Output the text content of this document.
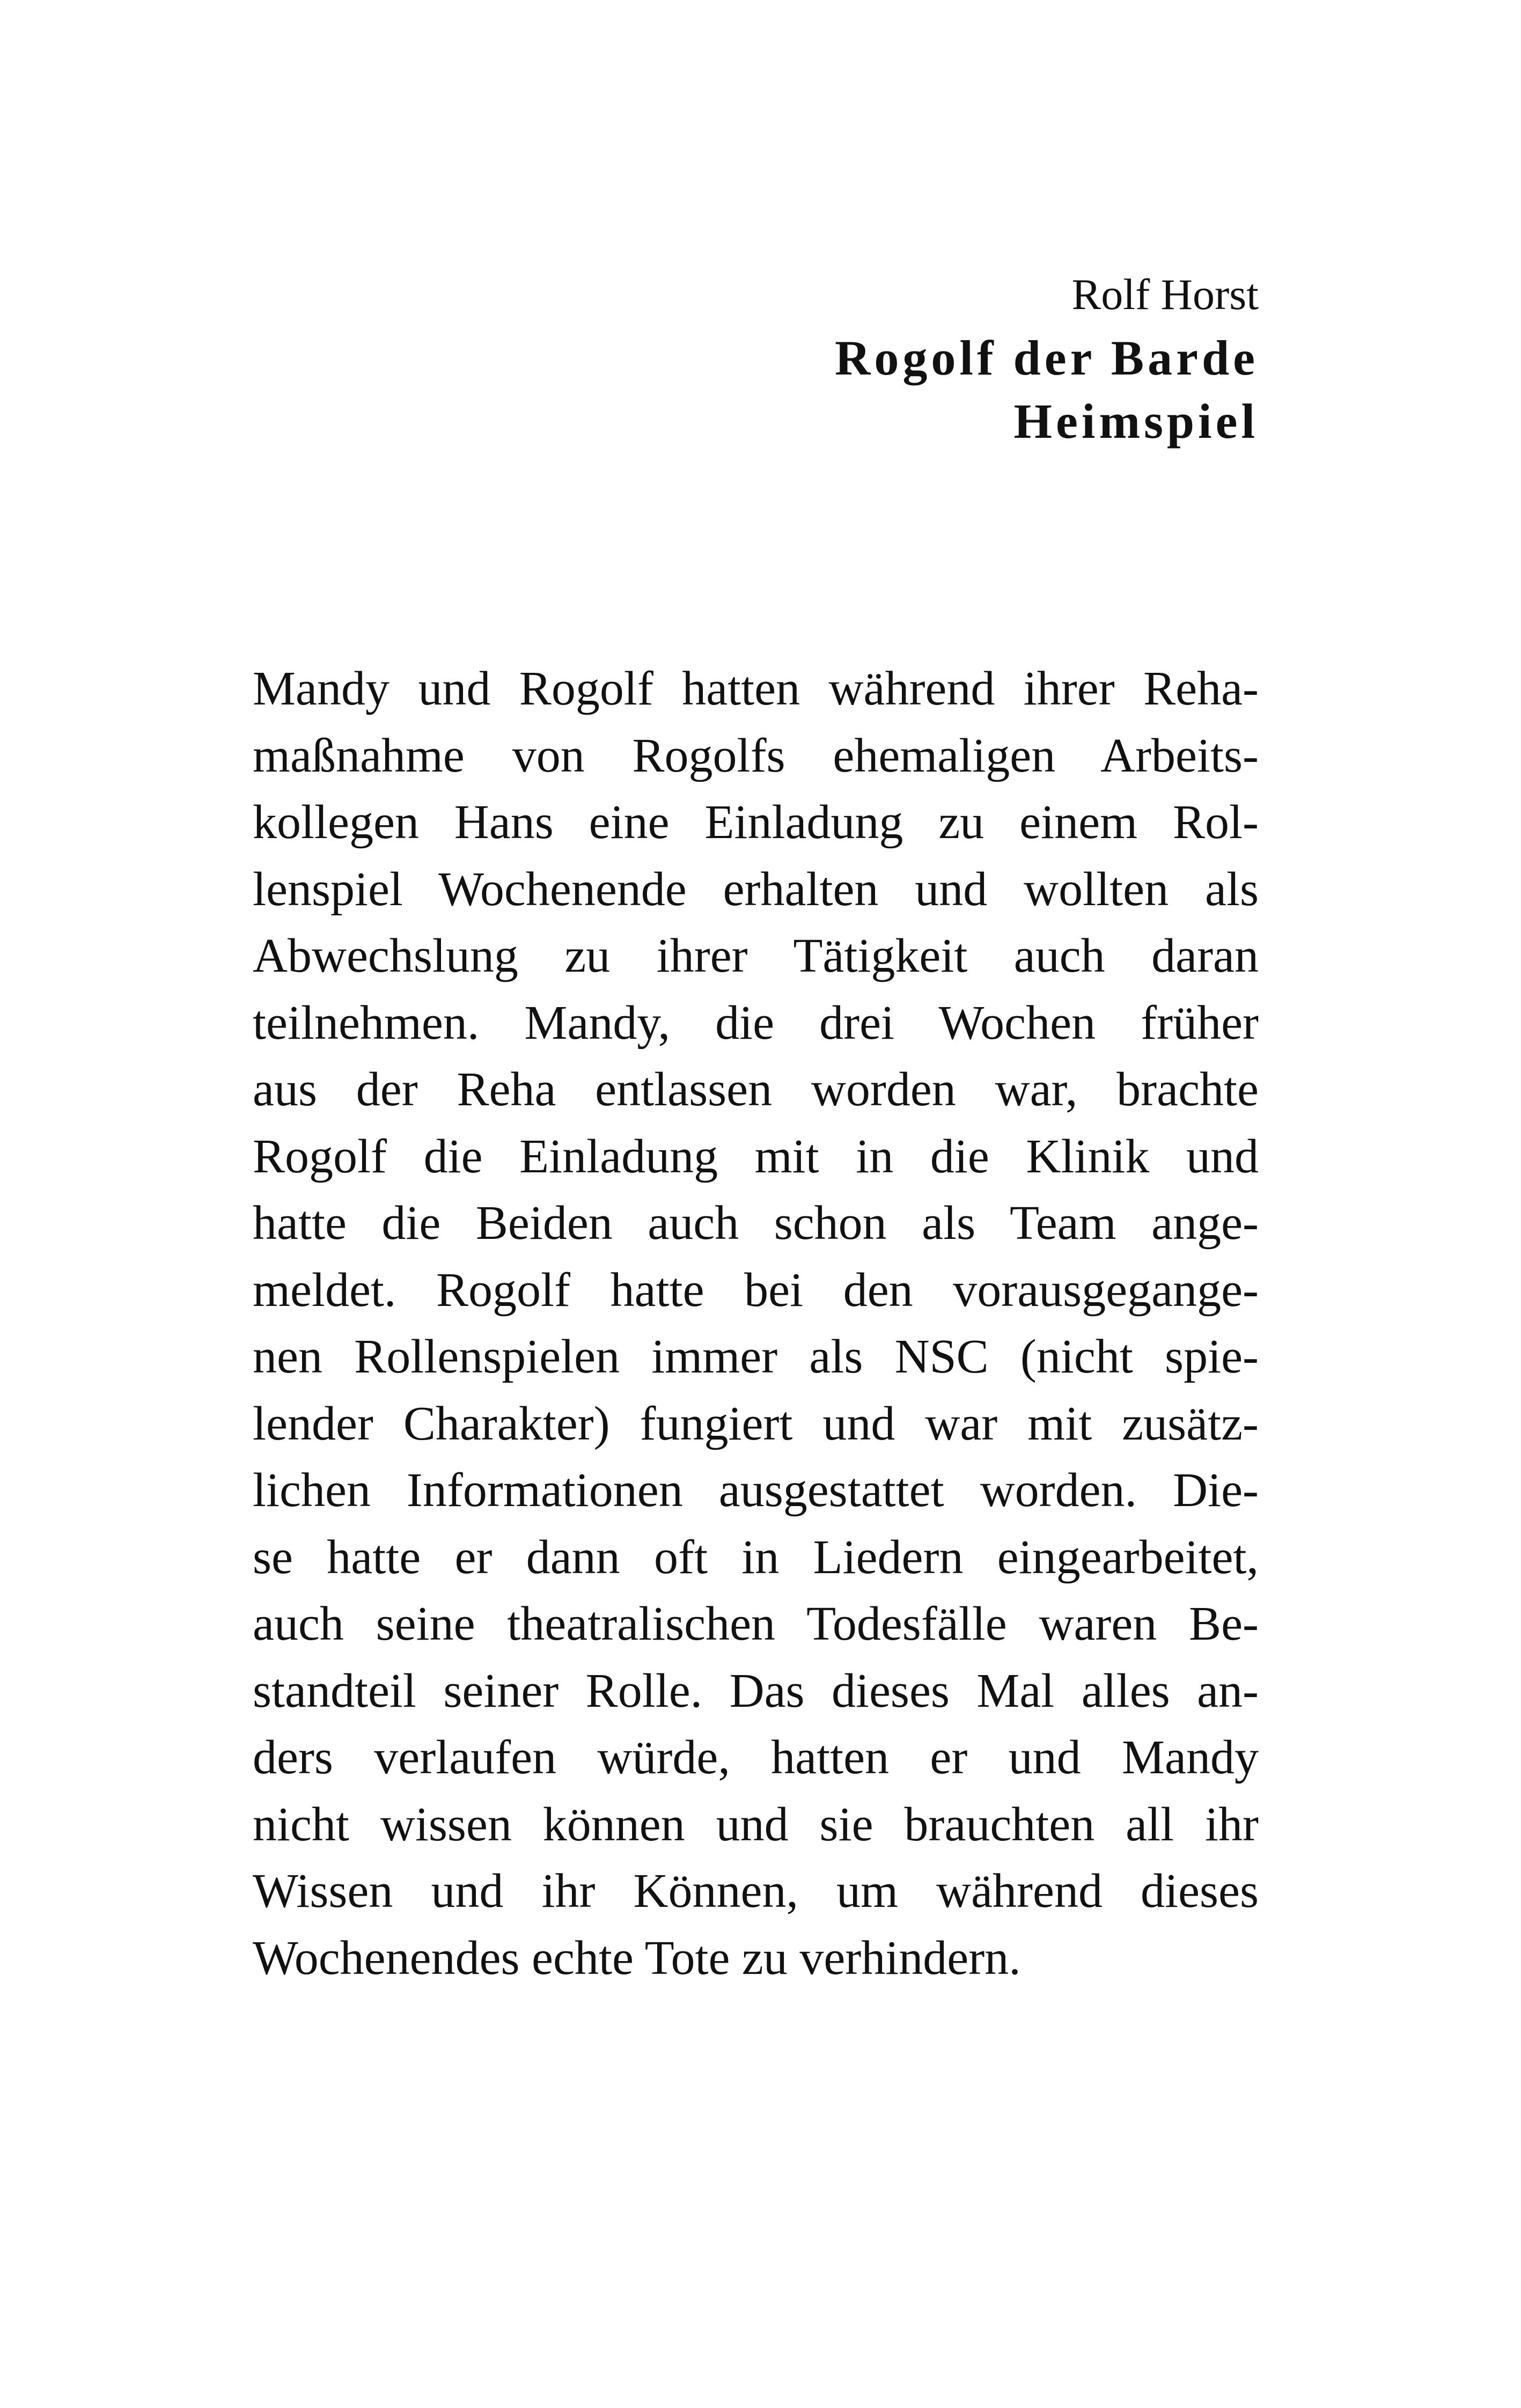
Rolf Horst
Rogolf der Barde
Heimspiel
Mandy und Rogolf hatten während ihrer Reha-
maßnahme von Rogolfs ehemaligen Arbeits-
kollegen Hans eine Einladung zu einem Rol-
lenspiel Wochenende erhalten und wollten als
Abwechslung zu ihrer Tätigkeit auch daran
teilnehmen. Mandy, die drei Wochen früher
aus der Reha entlassen worden war, brachte
Rogolf die Einladung mit in die Klinik und
hatte die Beiden auch schon als Team ange-
meldet. Rogolf hatte bei den vorausgegange-
nen Rollenspielen immer als NSC (nicht spie-
lender Charakter) fungiert und war mit zusätz-
lichen Informationen ausgestattet worden. Die-
se hatte er dann oft in Liedern eingearbeitet,
auch seine theatralischen Todesfälle waren Be-
standteil seiner Rolle. Das dieses Mal alles an-
ders verlaufen würde, hatten er und Mandy
nicht wissen können und sie brauchten all ihr
Wissen und ihr Können, um während dieses
Wochenendes echte Tote zu verhindern.
